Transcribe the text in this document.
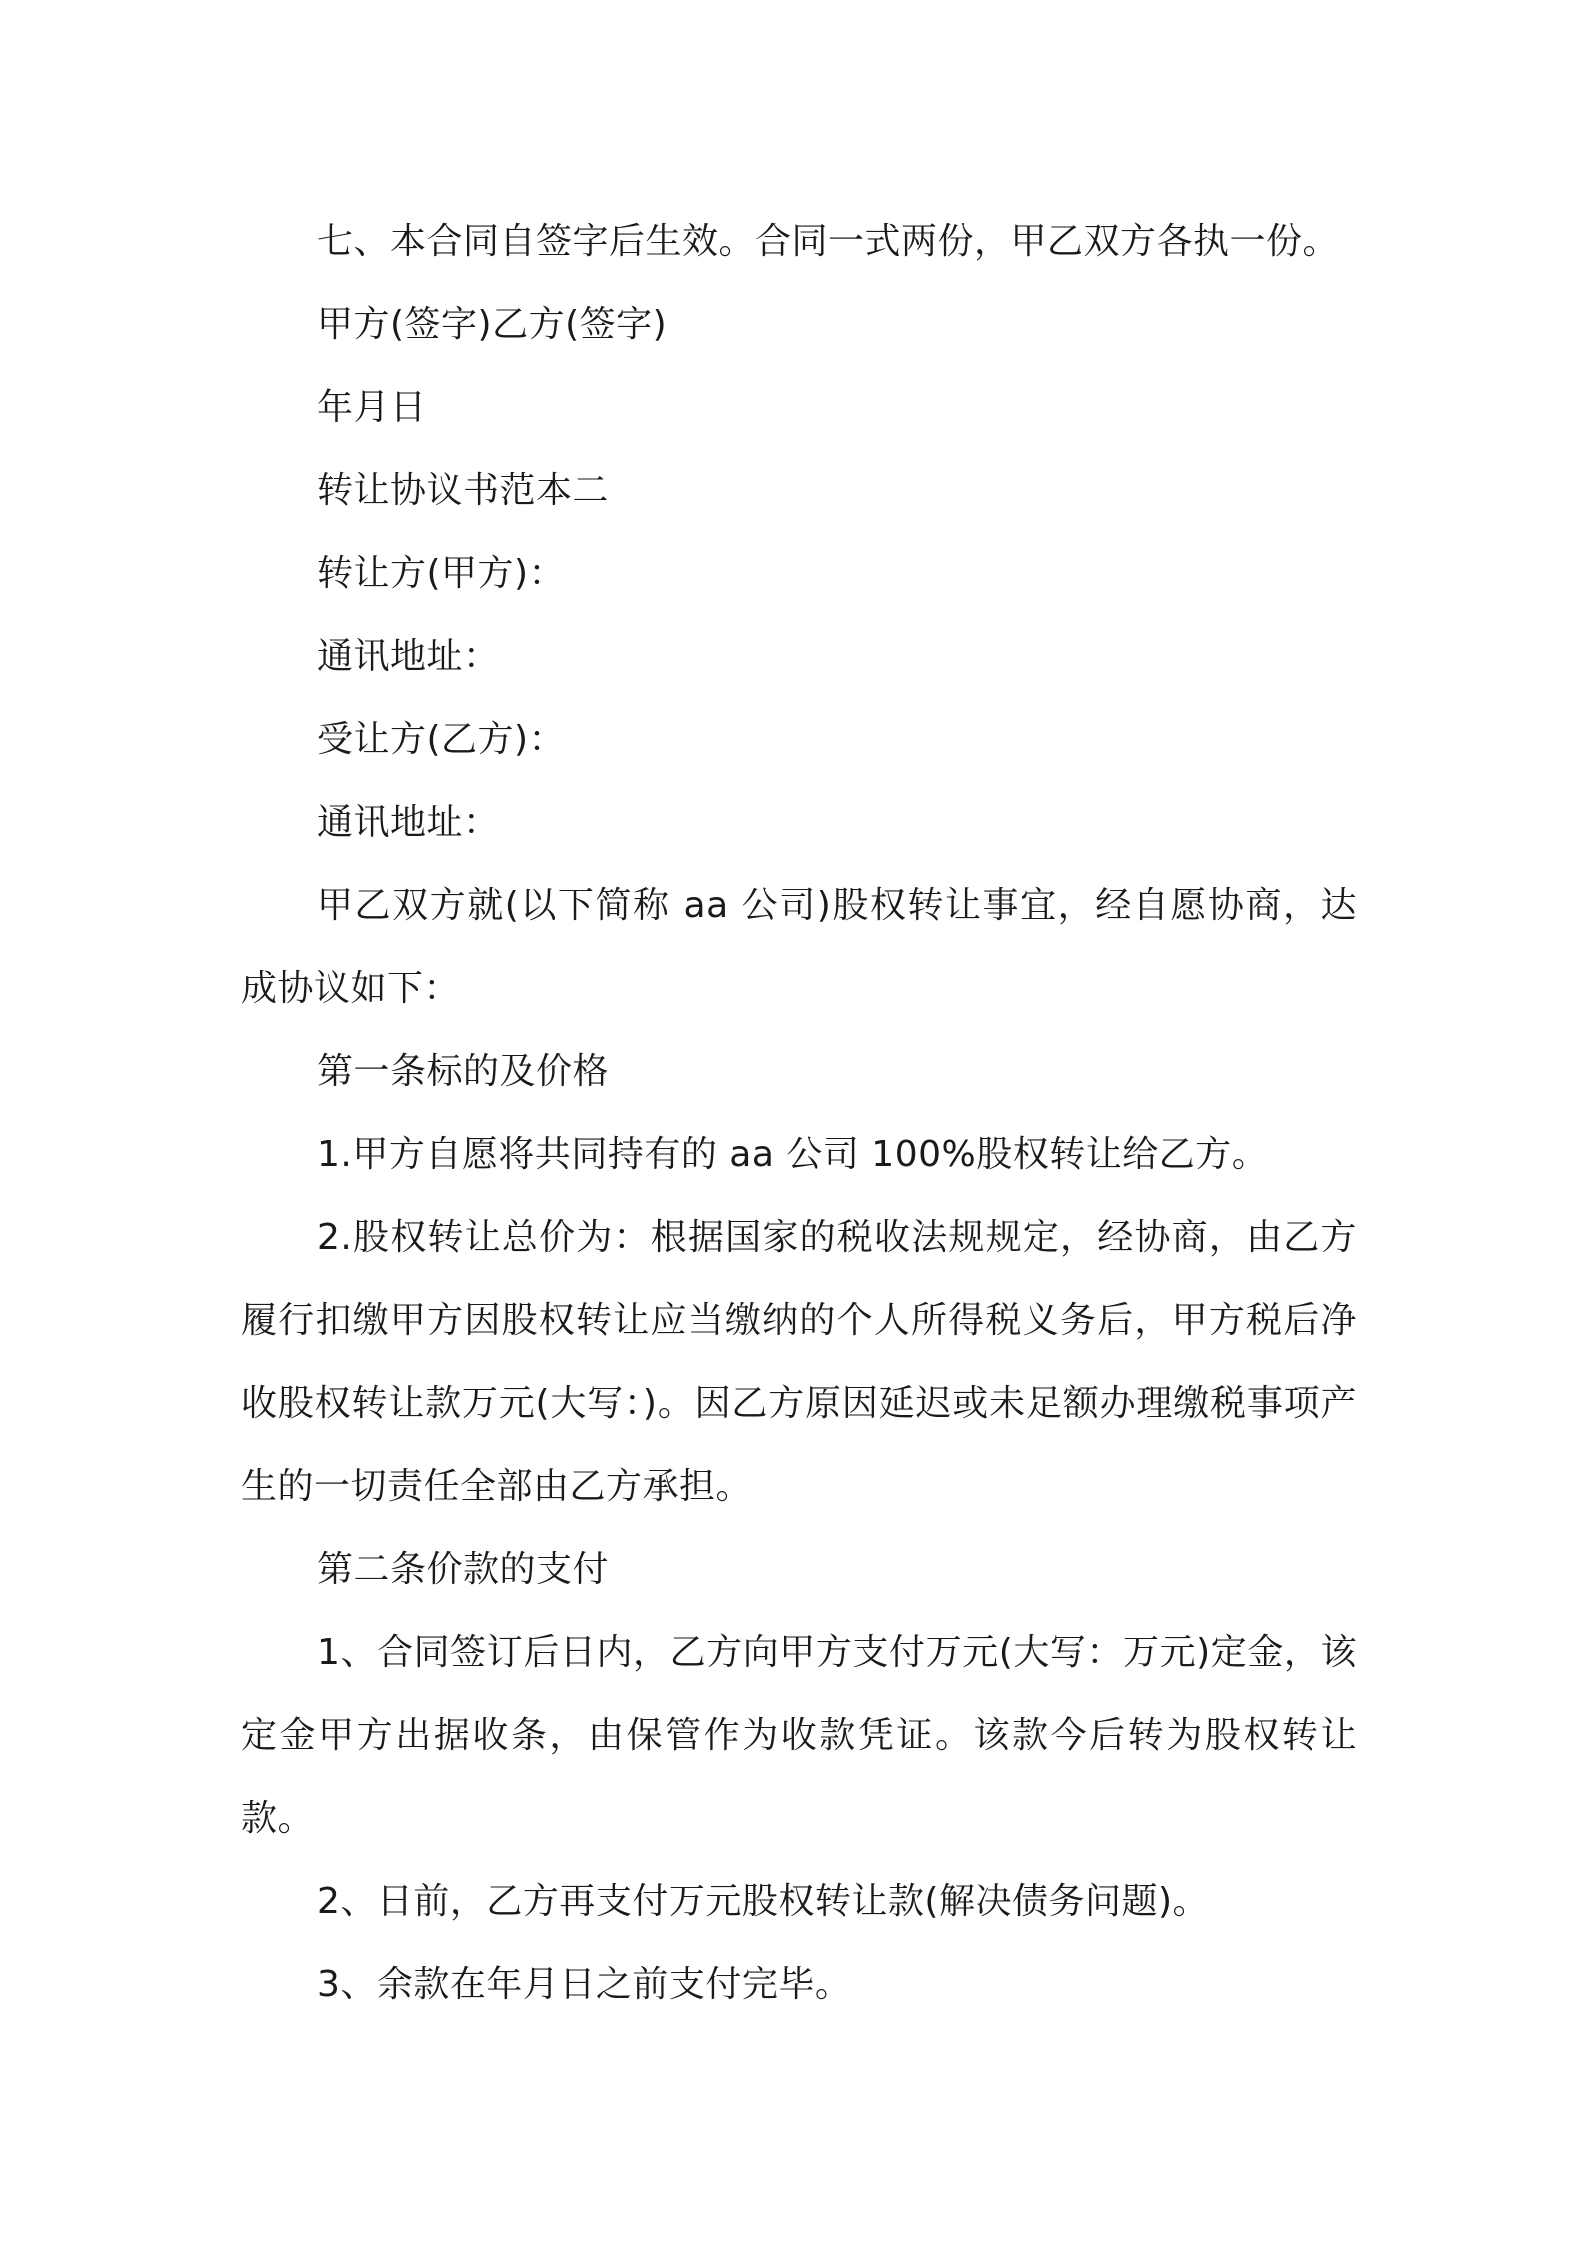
七、本合同自签字后生效。合同一式两份，甲乙双方各执一份。

甲方(签字)乙方(签字)

年月日

转让协议书范本二

转让方(甲方)：

通讯地址：

受让方(乙方)：

通讯地址：

甲乙双方就(以下简称 aa 公司)股权转让事宜，经自愿协商，达成协议如下：

第一条标的及价格

1.甲方自愿将共同持有的 aa 公司 100%股权转让给乙方。

2.股权转让总价为：根据国家的税收法规规定，经协商，由乙方履行扣缴甲方因股权转让应当缴纳的个人所得税义务后，甲方税后净收股权转让款万元(大写：)。因乙方原因延迟或未足额办理缴税事项产生的一切责任全部由乙方承担。

第二条价款的支付

1、合同签订后日内，乙方向甲方支付万元(大写：万元)定金，该定金甲方出据收条，由保管作为收款凭证。该款今后转为股权转让款。

2、日前，乙方再支付万元股权转让款(解决债务问题)。

3、余款在年月日之前支付完毕。
